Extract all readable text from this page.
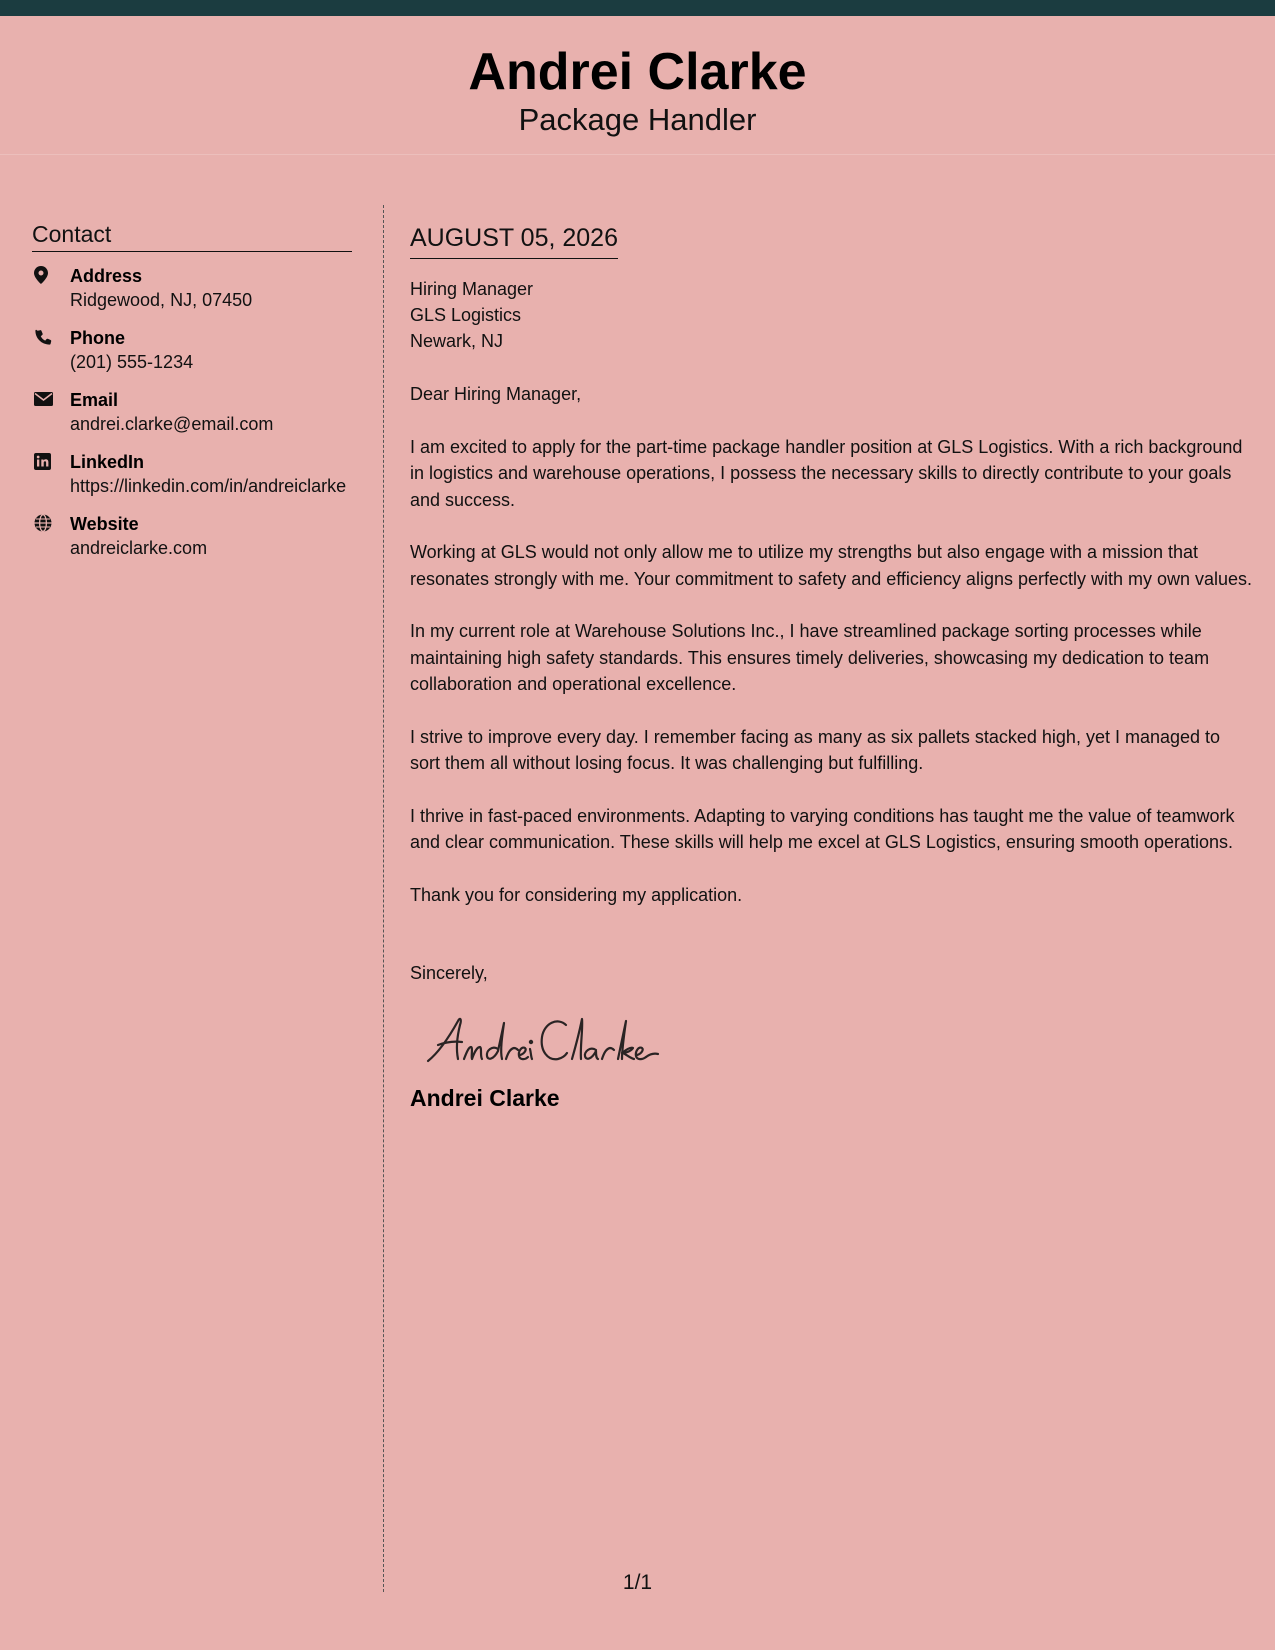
Andrei Clarke
Package Handler
Contact
Address
Ridgewood, NJ, 07450
Phone
(201) 555-1234
Email
andrei.clarke@email.com
LinkedIn
https://linkedin.com/in/andreiclarke
Website
andreiclarke.com
AUGUST 05, 2026
Hiring Manager
GLS Logistics
Newark, NJ
Dear Hiring Manager,

I am excited to apply for the part-time package handler position at GLS Logistics. With a rich background in logistics and warehouse operations, I possess the necessary skills to directly contribute to your goals and success.

Working at GLS would not only allow me to utilize my strengths but also engage with a mission that resonates strongly with me. Your commitment to safety and efficiency aligns perfectly with my own values.

In my current role at Warehouse Solutions Inc., I have streamlined package sorting processes while maintaining high safety standards. This ensures timely deliveries, showcasing my dedication to team collaboration and operational excellence.

I strive to improve every day. I remember facing as many as six pallets stacked high, yet I managed to sort them all without losing focus. It was challenging but fulfilling.

I thrive in fast-paced environments. Adapting to varying conditions has taught me the value of teamwork and clear communication. These skills will help me excel at GLS Logistics, ensuring smooth operations.

Thank you for considering my application.

Sincerely,
Andrei Clarke
1/1
